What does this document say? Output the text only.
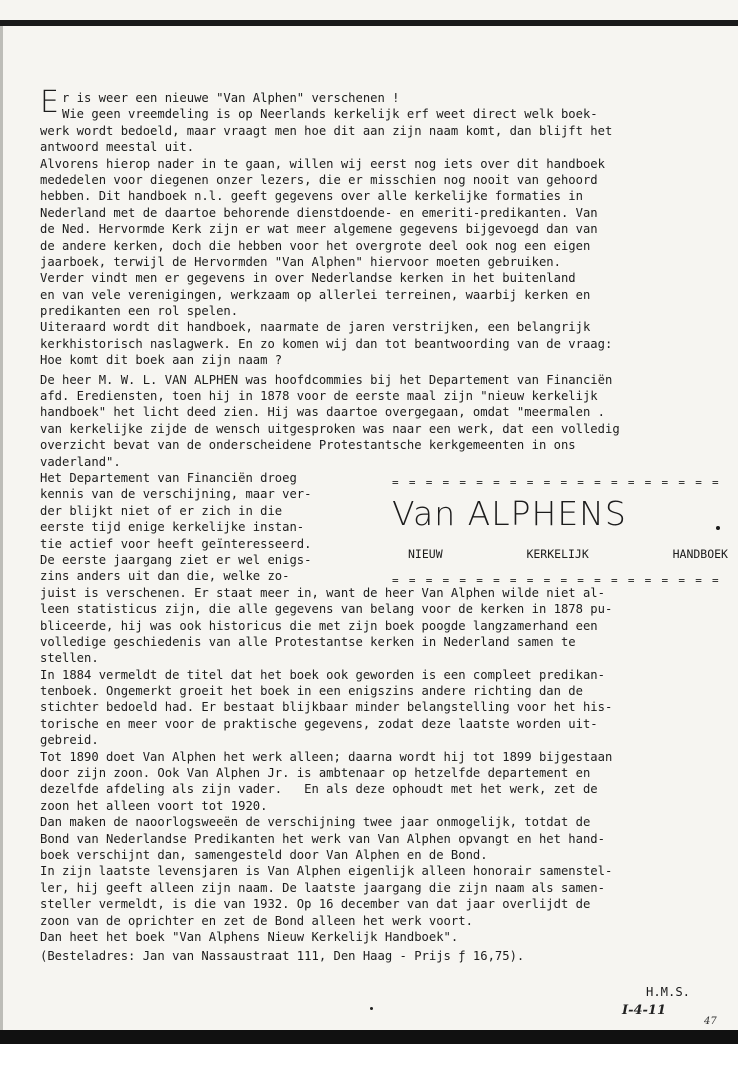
E r is weer een nieuwe "Van Alphen" verschenen !
Wie geen vreemdeling is op Neerlands kerkelijk erf weet direct welk boek-
werk wordt bedoeld, maar vraagt men hoe dit aan zijn naam komt, dan blijft het
antwoord meestal uit.
Alvorens hierop nader in te gaan, willen wij eerst nog iets over dit handboek
mededelen voor diegenen onzer lezers, die er misschien nog nooit van gehoord
hebben. Dit handboek n.l. geeft gegevens over alle kerkelijke formaties in
Nederland met de daartoe behorende dienstdoende- en emeriti-predikanten. Van
de Ned. Hervormde Kerk zijn er wat meer algemene gegevens bijgevoegd dan van
de andere kerken, doch die hebben voor het overgrote deel ook nog een eigen
jaarboek, terwijl de Hervormden "Van Alphen" hiervoor moeten gebruiken.
Verder vindt men er gegevens in over Nederlandse kerken in het buitenland
en van vele verenigingen, werkzaam op allerlei terreinen, waarbij kerken en
predikanten een rol spelen.
Uiteraard wordt dit handboek, naarmate de jaren verstrijken, een belangrijk
kerkhistorisch naslagwerk. En zo komen wij dan tot beantwoording van de vraag:
Hoe komt dit boek aan zijn naam ?
De heer M. W. L. VAN ALPHEN was hoofdcommies bij het Departement van Financiën
afd. Erediensten, toen hij in 1878 voor de eerste maal zijn "nieuw kerkelijk
handboek" het licht deed zien. Hij was daartoe overgegaan, omdat "meermalen .
van kerkelijke zijde de wensch uitgesproken was naar een werk, dat een volledig
overzicht bevat van de onderscheidene Protestantsche kerkgemeenten in ons
vaderland".
Het Departement van Financiën droeg
kennis van de verschijning, maar ver-
der blijkt niet of er zich in die
eerste tijd enige kerkelijke instan-
tie actief voor heeft geïnteresseerd.
De eerste jaargang ziet er wel enigs-
zins anders uit dan die, welke zo-
juist is verschenen. Er staat meer in, want de heer Van Alphen wilde niet al-
leen statisticus zijn, die alle gegevens van belang voor de kerken in 1878 pu-
bliceerde, hij was ook historicus die met zijn boek poogde langzamerhand een
volledige geschiedenis van alle Protestantse kerken in Nederland samen te
stellen.
In 1884 vermeldt de titel dat het boek ook geworden is een compleet predikan-
tenboek. Ongemerkt groeit het boek in een enigszins andere richting dan de
stichter bedoeld had. Er bestaat blijkbaar minder belangstelling voor het his-
torische en meer voor de praktische gegevens, zodat deze laatste worden uit-
gebreid.
Tot 1890 doet Van Alphen het werk alleen; daarna wordt hij tot 1899 bijgestaan
door zijn zoon. Ook Van Alphen Jr. is ambtenaar op hetzelfde departement en
dezelfde afdeling als zijn vader.   En als deze ophoudt met het werk, zet de
zoon het alleen voort tot 1920.
Dan maken de naoorlogsweeën de verschijning twee jaar onmogelijk, totdat de
Bond van Nederlandse Predikanten het werk van Van Alphen opvangt en het hand-
boek verschijnt dan, samengesteld door Van Alphen en de Bond.
In zijn laatste levensjaren is Van Alphen eigenlijk alleen honorair samenstel-
ler, hij geeft alleen zijn naam. De laatste jaargang die zijn naam als samen-
steller vermeldt, is die van 1932. Op 16 december van dat jaar overlijdt de
zoon van de oprichter en zet de Bond alleen het werk voort.
Dan heet het boek "Van Alphens Nieuw Kerkelijk Handboek".
(Besteladres: Jan van Nassaustraat 111, Den Haag - Prijs ƒ 16,75).
= = = = = = = = = = = = = = = = = = = =
Van ALPHENS
NIEUW	KERKELIJK	HANDBOEK
= = = = = = = = = = = = = = = = = = = =
H.M.S.
I-4-11
47
